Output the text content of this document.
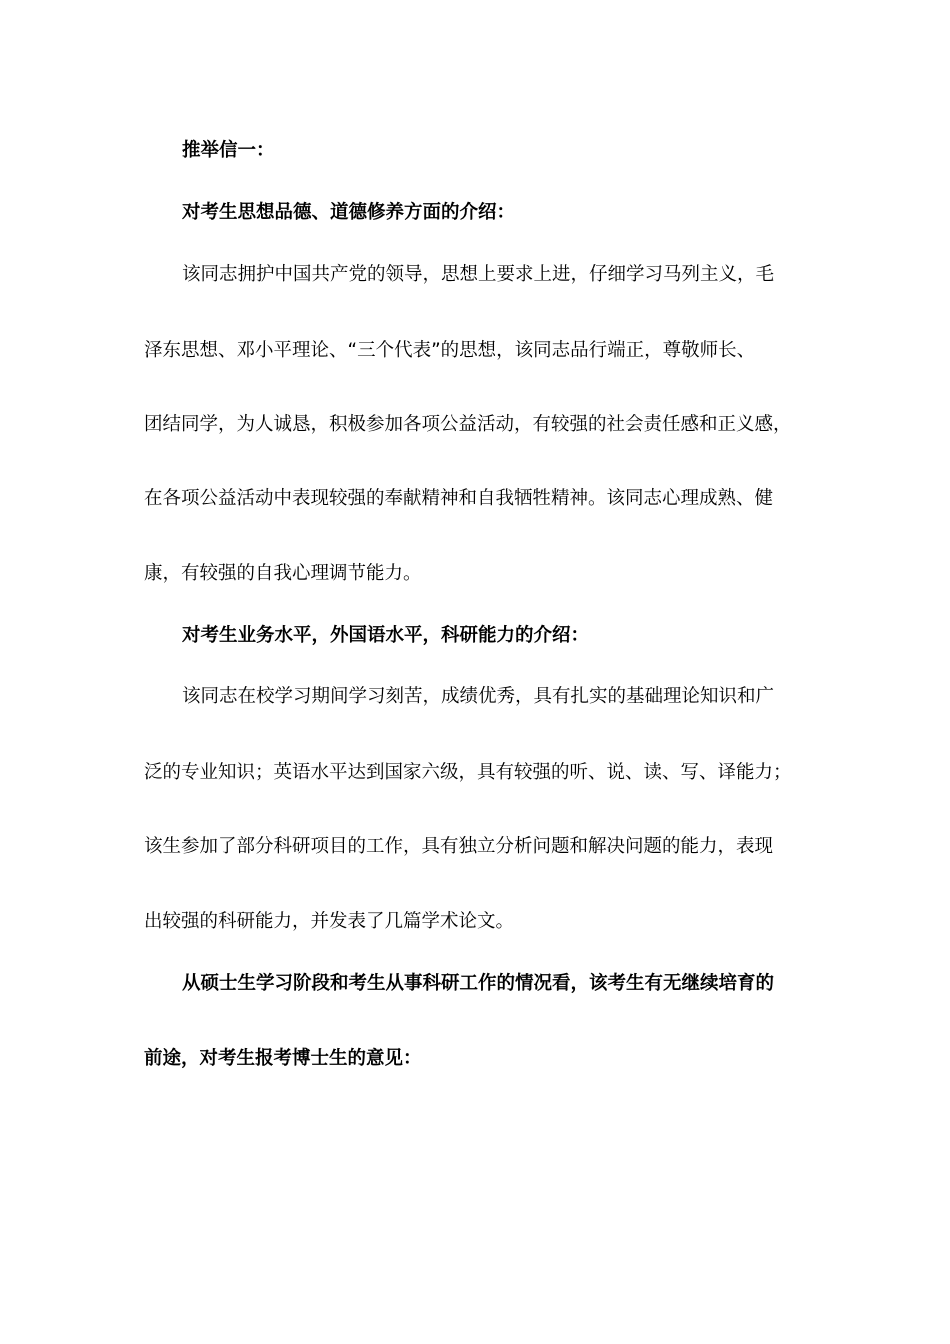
推举信一：
对考生思想品德、道德修养方面的介绍：
该同志拥护中国共产党的领导，思想上要求上进，仔细学习马列主义，毛
泽东思想、邓小平理论、“三个代表”的思想，该同志品行端正，尊敬师长、
团结同学，为人诚恳，积极参加各项公益活动，有较强的社会责任感和正义感，
在各项公益活动中表现较强的奉献精神和自我牺牲精神。该同志心理成熟、健
康，有较强的自我心理调节能力。
对考生业务水平，外国语水平，科研能力的介绍：
该同志在校学习期间学习刻苦，成绩优秀，具有扎实的基础理论知识和广
泛的专业知识；英语水平达到国家六级，具有较强的听、说、读、写、译能力；
该生参加了部分科研项目的工作，具有独立分析问题和解决问题的能力，表现
出较强的科研能力，并发表了几篇学术论文。
从硕士生学习阶段和考生从事科研工作的情况看，该考生有无继续培育的
前途，对考生报考博士生的意见：
